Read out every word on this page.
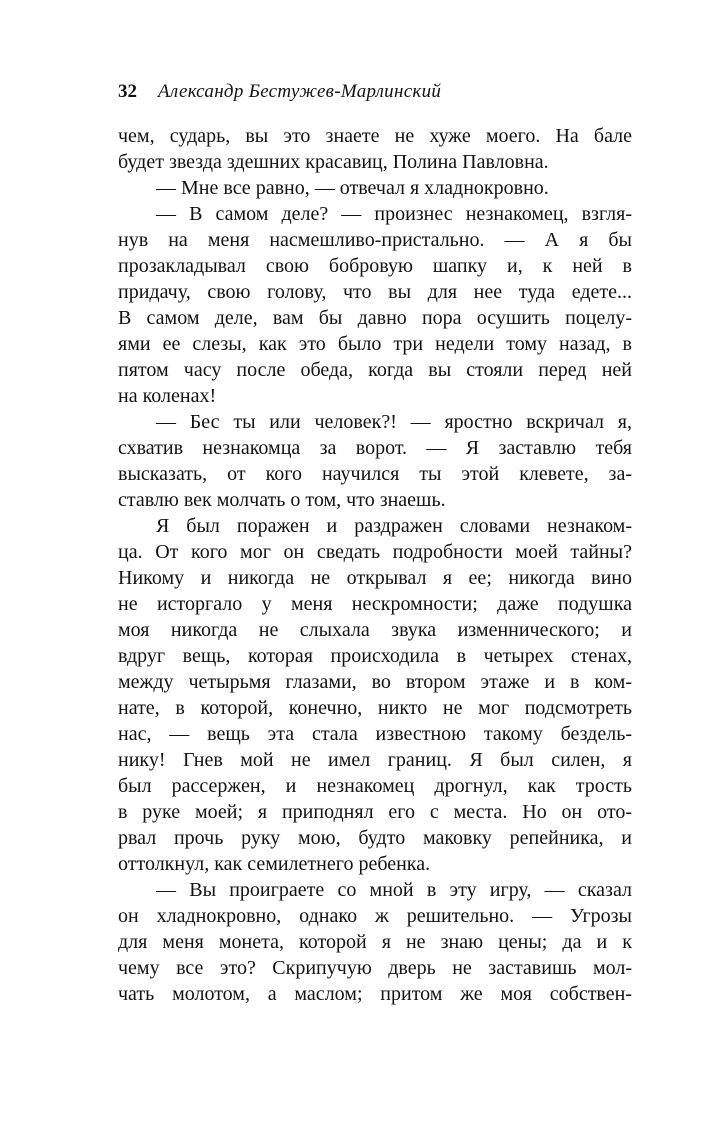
32 Александр Бестужев-Марлинский
чем, сударь, вы это знаете не хуже моего. На бале
будет звезда здешних красавиц, Полина Павловна.
— Мне все равно, — отвечал я хладнокровно.
— В самом деле? — произнес незнакомец, взгля-
нув на меня насмешливо-пристально. — А я бы
прозакладывал свою бобровую шапку и, к ней в
придачу, свою голову, что вы для нее туда едете...
В самом деле, вам бы давно пора осушить поцелу-
ями ее слезы, как это было три недели тому назад, в
пятом часу после обеда, когда вы стояли перед ней
на коленах!
— Бес ты или человек?! — яростно вскричал я,
схватив незнакомца за ворот. — Я заставлю тебя
высказать, от кого научился ты этой клевете, за-
ставлю век молчать о том, что знаешь.
Я был поражен и раздражен словами незнаком-
ца. От кого мог он сведать подробности моей тайны?
Никому и никогда не открывал я ее; никогда вино
не исторгало у меня нескромности; даже подушка
моя никогда не слыхала звука изменнического; и
вдруг вещь, которая происходила в четырех стенах,
между четырьмя глазами, во втором этаже и в ком-
нате, в которой, конечно, никто не мог подсмотреть
нас, — вещь эта стала известною такому бездель-
нику! Гнев мой не имел границ. Я был силен, я
был рассержен, и незнакомец дрогнул, как трость
в руке моей; я приподнял его с места. Но он ото-
рвал прочь руку мою, будто маковку репейника, и
оттолкнул, как семилетнего ребенка.
— Вы проиграете со мной в эту игру, — сказал
он хладнокровно, однако ж решительно. — Угрозы
для меня монета, которой я не знаю цены; да и к
чему все это? Скрипучую дверь не заставишь мол-
чать молотом, а маслом; притом же моя собствен-
